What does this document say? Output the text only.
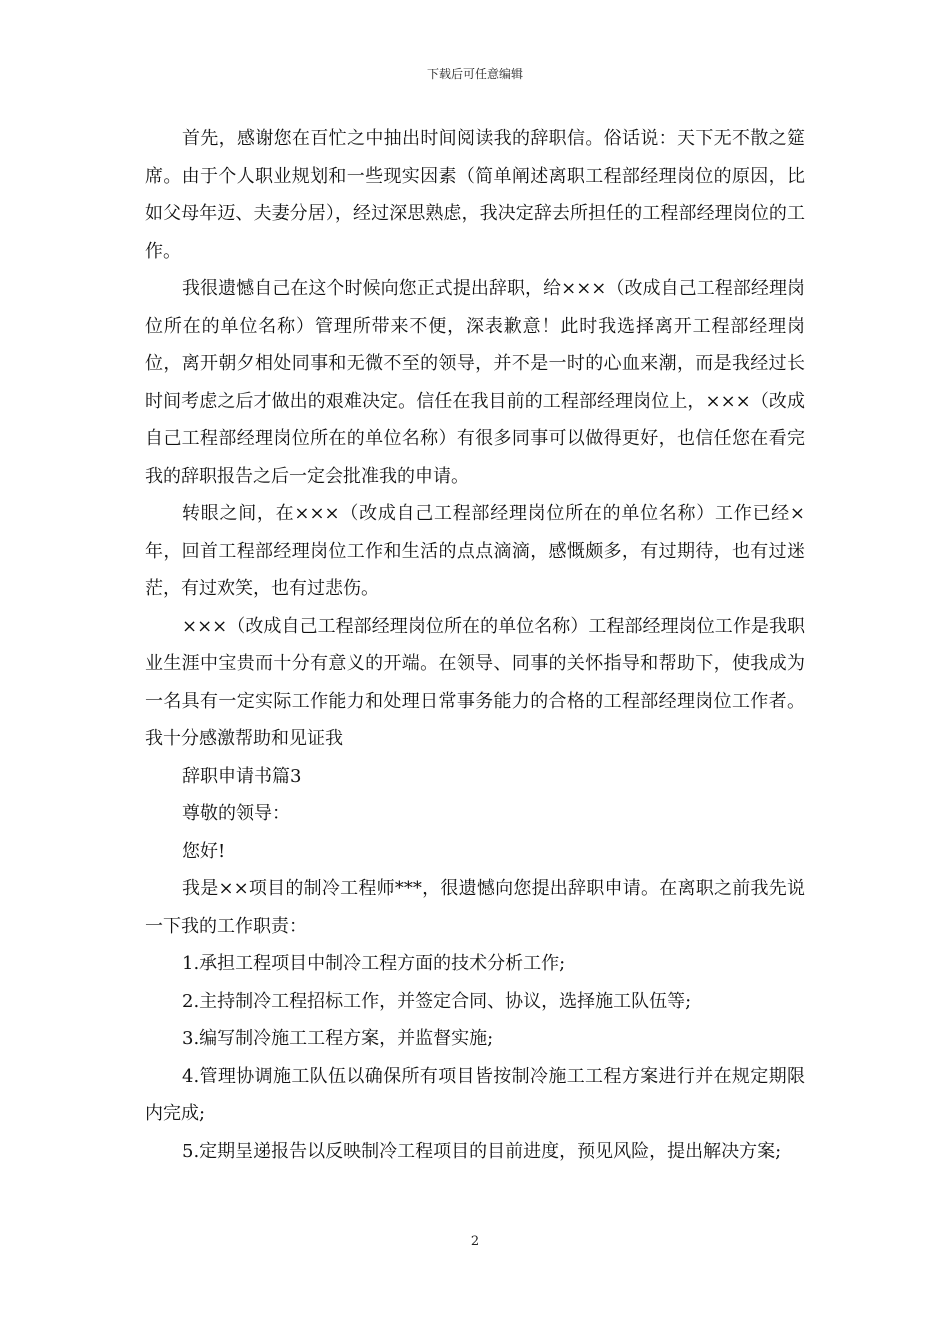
下载后可任意编辑

首先，感谢您在百忙之中抽出时间阅读我的辞职信。俗话说：天下无不散之筵席。由于个人职业规划和一些现实因素（简单阐述离职工程部经理岗位的原因，比如父母年迈、夫妻分居），经过深思熟虑，我决定辞去所担任的工程部经理岗位的工作。

我很遗憾自己在这个时候向您正式提出辞职，给×××（改成自己工程部经理岗位所在的单位名称）管理所带来不便，深表歉意！此时我选择离开工程部经理岗位，离开朝夕相处同事和无微不至的领导，并不是一时的心血来潮，而是我经过长时间考虑之后才做出的艰难决定。信任在我目前的工程部经理岗位上，×××（改成自己工程部经理岗位所在的单位名称）有很多同事可以做得更好，也信任您在看完我的辞职报告之后一定会批准我的申请。

转眼之间，在×××（改成自己工程部经理岗位所在的单位名称）工作已经×年，回首工程部经理岗位工作和生活的点点滴滴，感慨颇多，有过期待，也有过迷茫，有过欢笑，也有过悲伤。

×××（改成自己工程部经理岗位所在的单位名称）工程部经理岗位工作是我职业生涯中宝贵而十分有意义的开端。在领导、同事的关怀指导和帮助下，使我成为一名具有一定实际工作能力和处理日常事务能力的合格的工程部经理岗位工作者。我十分感激帮助和见证我

辞职申请书篇3

尊敬的领导：

您好!

我是××项目的制冷工程师***，很遗憾向您提出辞职申请。在离职之前我先说一下我的工作职责：

1.承担工程项目中制冷工程方面的技术分析工作;

2.主持制冷工程招标工作，并签定合同、协议，选择施工队伍等;

3.编写制冷施工工程方案，并监督实施;

4.管理协调施工队伍以确保所有项目皆按制冷施工工程方案进行并在规定期限内完成;

5.定期呈递报告以反映制冷工程项目的目前进度，预见风险，提出解决方案;

2
